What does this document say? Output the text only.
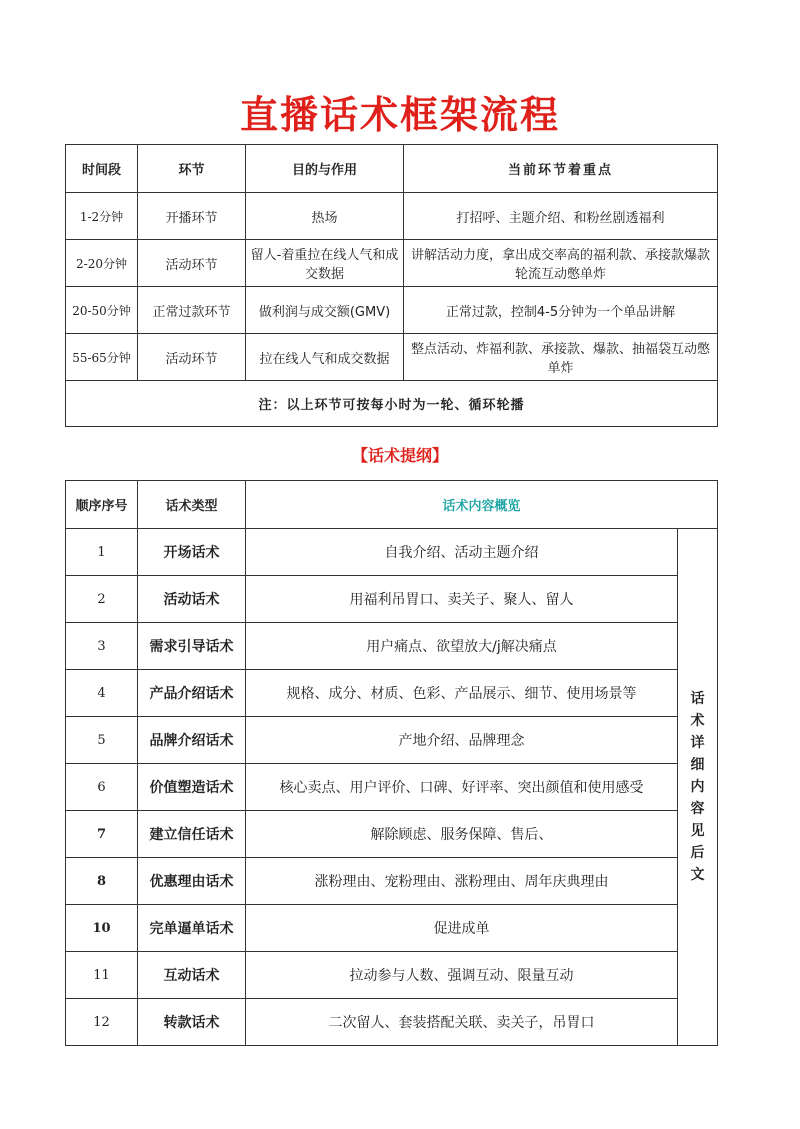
直播话术框架流程
时间段	环节	目的与作用	当前环节着重点
1-2分钟	开播环节	热场	打招呼、主题介绍、和粉丝剧透福利
2-20分钟	活动环节	留人-着重拉在线人气和成交数据	讲解活动力度，拿出成交率高的福利款、承接款爆款轮流互动憋单炸
20-50分钟	正常过款环节	做利润与成交额(GMV)	正常过款，控制4-5分钟为一个单品讲解
55-65分钟	活动环节	拉在线人气和成交数据	整点活动、炸福利款、承接款、爆款、抽福袋互动憋单炸
注：以上环节可按每小时为一轮、循环轮播			
【话术提纲】
顺序序号	话术类型	话术内容概览	
1	开场话术	自我介绍、活动主题介绍	话术详细内容见后文
2	活动话术	用福利吊胃口、卖关子、聚人、留人	
3	需求引导话术	用户痛点、欲望放大/j解决痛点	
4	产品介绍话术	规格、成分、材质、色彩、产品展示、细节、使用场景等	
5	品牌介绍话术	产地介绍、品牌理念	
6	价值塑造话术	核心卖点、用户评价、口碑、好评率、突出颜值和使用感受	
7	建立信任话术	解除顾虑、服务保障、售后、	
8	优惠理由话术	涨粉理由、宠粉理由、涨粉理由、周年庆典理由	
10	完单逼单话术	促进成单	
11	互动话术	拉动参与人数、强调互动、限量互动	
12	转款话术	二次留人、套装搭配关联、卖关子，吊胃口	
